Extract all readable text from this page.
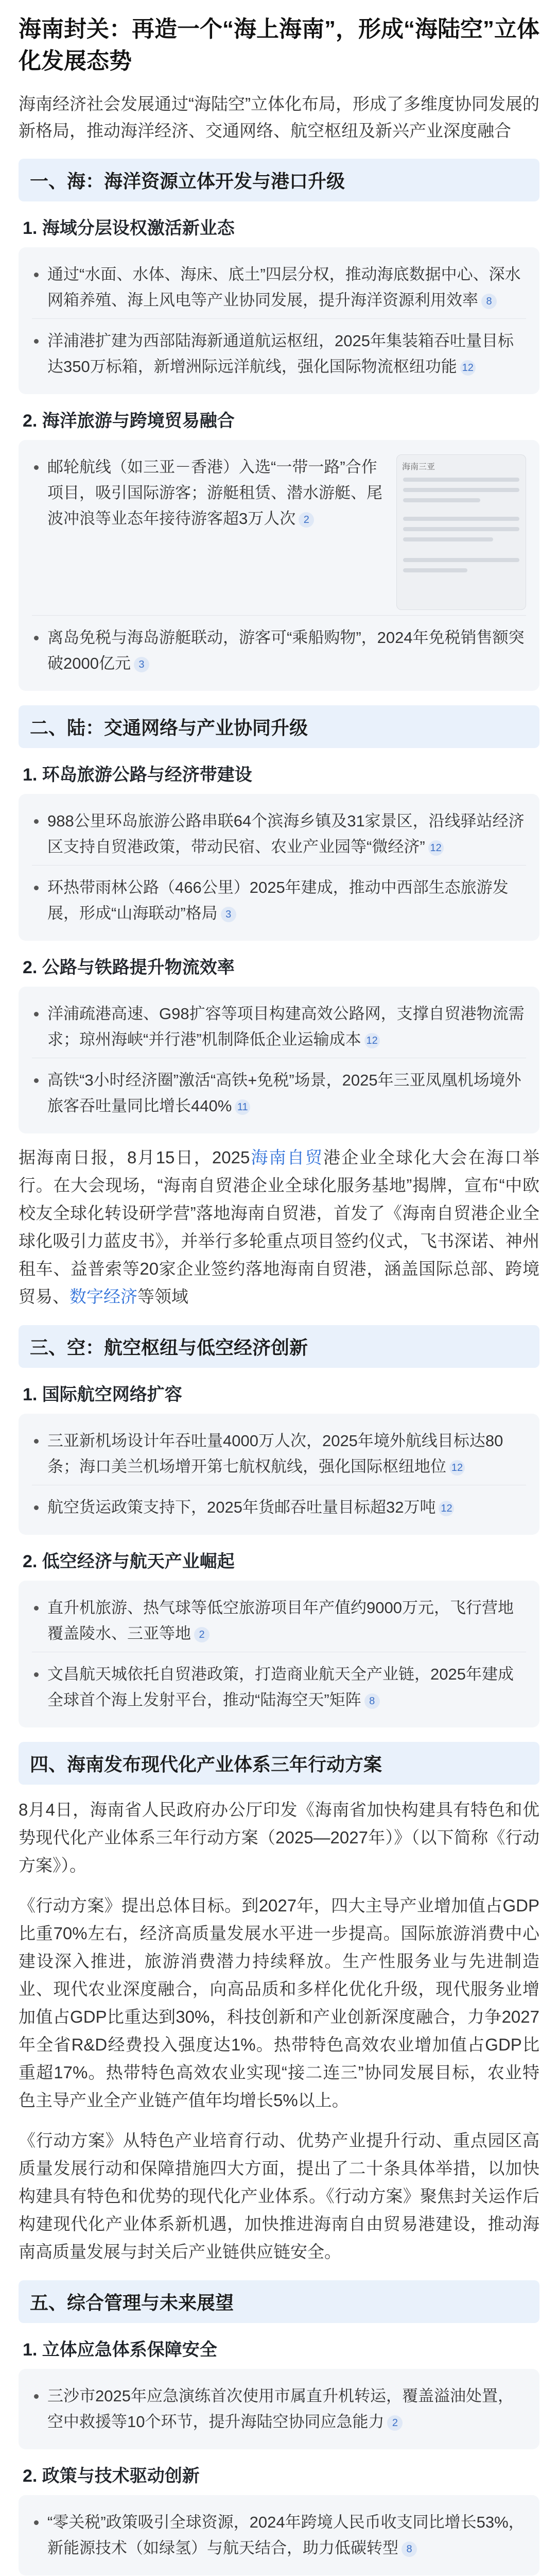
海南封关：再造一个“海上海南”，形成“海陆空”立体化发展态势
海南经济社会发展通过“海陆空”立体化布局，形成了多维度协同发展的新格局，推动海洋经济、交通网络、航空枢纽及新兴产业深度融合
一、海：海洋资源立体开发与港口升级
1. 海域分层设权激活新业态
通过“水面、水体、海床、底土”四层分权，推动海底数据中心、深水网箱养殖、海上风电等产业协同发展，提升海洋资源利用效率 8
洋浦港扩建为西部陆海新通道航运枢纽，2025年集装箱吞吐量目标达350万标箱，新增洲际远洋航线，强化国际物流枢纽功能 12
2. 海洋旅游与跨境贸易融合
邮轮航线（如三亚－香港）入选“一带一路”合作项目，吸引国际游客；游艇租赁、潜水游艇、尾波冲浪等业态年接待游客超3万人次 2
海南三亚
离岛免税与海岛游艇联动，游客可“乘船购物”，2024年免税销售额突破2000亿元 3
二、陆：交通网络与产业协同升级
1. 环岛旅游公路与经济带建设
988公里环岛旅游公路串联64个滨海乡镇及31家景区，沿线驿站经济区支持自贸港政策，带动民宿、农业产业园等“微经济” 12
环热带雨林公路（466公里）2025年建成，推动中西部生态旅游发展，形成“山海联动”格局 3
2. 公路与铁路提升物流效率
洋浦疏港高速、G98扩容等项目构建高效公路网，支撑自贸港物流需求；琼州海峡“并行港”机制降低企业运输成本 12
高铁“3小时经济圈”激活“高铁+免税”场景，2025年三亚凤凰机场境外旅客吞吐量同比增长440% 11
据海南日报，8月15日，2025海南自贸港企业全球化大会在海口举行。在大会现场，“海南自贸港企业全球化服务基地”揭牌，宣布“中欧校友全球化转设研学营”落地海南自贸港，首发了《海南自贸港企业全球化吸引力蓝皮书》，并举行多轮重点项目签约仪式，飞书深诺、神州租车、益普索等20家企业签约落地海南自贸港，涵盖国际总部、跨境贸易、数字经济等领域
三、空：航空枢纽与低空经济创新
1. 国际航空网络扩容
三亚新机场设计年吞吐量4000万人次，2025年境外航线目标达80条；海口美兰机场增开第七航权航线，强化国际枢纽地位 12
航空货运政策支持下，2025年货邮吞吐量目标超32万吨 12
2. 低空经济与航天产业崛起
直升机旅游、热气球等低空旅游项目年产值约9000万元，飞行营地覆盖陵水、三亚等地 2
文昌航天城依托自贸港政策，打造商业航天全产业链，2025年建成全球首个海上发射平台，推动“陆海空天”矩阵 8
四、海南发布现代化产业体系三年行动方案
8月4日，海南省人民政府办公厅印发《海南省加快构建具有特色和优势现代化产业体系三年行动方案（2025—2027年）》（以下简称《行动方案》）。
《行动方案》提出总体目标。到2027年，四大主导产业增加值占GDP比重70%左右，经济高质量发展水平进一步提高。国际旅游消费中心建设深入推进，旅游消费潜力持续释放。生产性服务业与先进制造业、现代农业深度融合，向高品质和多样化优化升级，现代服务业增加值占GDP比重达到30%，科技创新和产业创新深度融合，力争2027年全省R&D经费投入强度达1%。热带特色高效农业增加值占GDP比重超17%。热带特色高效农业实现“接二连三”协同发展目标，农业特色主导产业全产业链产值年均增长5%以上。
《行动方案》从特色产业培育行动、优势产业提升行动、重点园区高质量发展行动和保障措施四大方面，提出了二十条具体举措，以加快构建具有特色和优势的现代化产业体系。《行动方案》聚焦封关运作后构建现代化产业体系新机遇，加快推进海南自由贸易港建设，推动海南高质量发展与封关后产业链供应链安全。
五、综合管理与未来展望
1. 立体应急体系保障安全
三沙市2025年应急演练首次使用市属直升机转运，覆盖溢油处置，空中救援等10个环节，提升海陆空协同应急能力 2
2. 政策与技术驱动创新
“零关税”政策吸引全球资源，2024年跨境人民币收支同比增长53%，新能源技术（如绿氢）与航天结合，助力低碳转型 8
